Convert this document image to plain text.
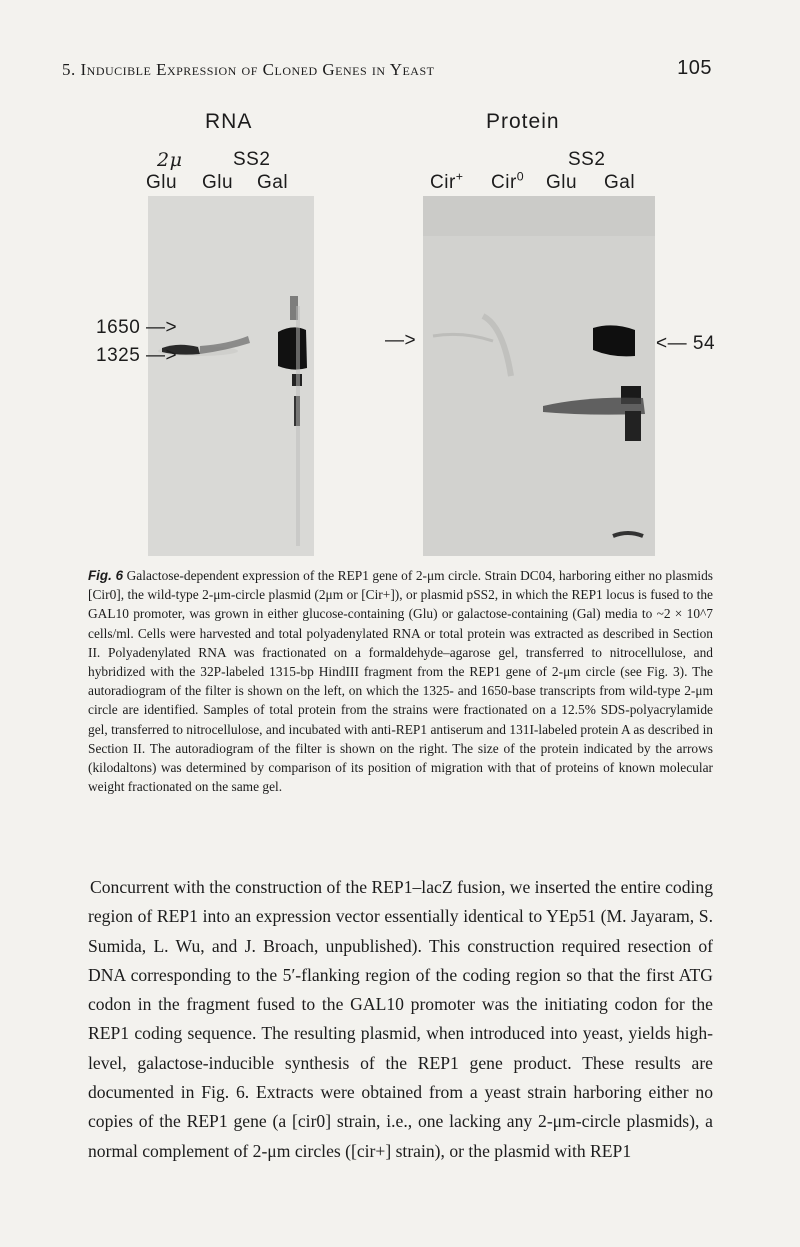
5. Inducible Expression of Cloned Genes in Yeast	105
RNA
2μ	SS2
Glu Glu Gal
1650 —>
1325 —>
Protein
Cir+ Cir$^0$
SS2
Glu Gal
—>	<— 54
Fig. 6 Galactose-dependent expression of the REP1 gene of 2-μm circle. Strain DC04, harboring either no plasmids [Cir0], the wild-type 2-μm-circle plasmid (2μm or [Cir+]), or plasmid pSS2, in which the REP1 locus is fused to the GAL10 promoter, was grown in either glucose-containing (Glu) or galactose-containing (Gal) media to ~2 × 10^7 cells/ml. Cells were harvested and total polyadenylated RNA or total protein was extracted as described in Section II. Polyadenylated RNA was fractionated on a formaldehyde–agarose gel, transferred to nitrocellulose, and hybridized with the 32P-labeled 1315-bp HindIII fragment from the REP1 gene of 2-μm circle (see Fig. 3). The autoradiogram of the filter is shown on the left, on which the 1325- and 1650-base transcripts from wild-type 2-μm circle are identified. Samples of total protein from the strains were fractionated on a 12.5% SDS-polyacrylamide gel, transferred to nitrocellulose, and incubated with anti-REP1 antiserum and 131I-labeled protein A as described in Section II. The autoradiogram of the filter is shown on the right. The size of the protein indicated by the arrows (kilodaltons) was determined by comparison of its position of migration with that of proteins of known molecular weight fractionated on the same gel.

Concurrent with the construction of the REP1–lacZ fusion, we inserted the entire coding region of REP1 into an expression vector essentially identical to YEp51 (M. Jayaram, S. Sumida, L. Wu, and J. Broach, unpublished). This construction required resection of DNA corresponding to the 5′-flanking region of the coding region so that the first ATG codon in the fragment fused to the GAL10 promoter was the initiating codon for the REP1 coding sequence. The resulting plasmid, when introduced into yeast, yields high-level, galactose-inducible synthesis of the REP1 gene product. These results are documented in Fig. 6. Extracts were obtained from a yeast strain harboring either no copies of the REP1 gene (a [cir0] strain, i.e., one lacking any 2-μm-circle plasmids), a normal complement of 2-μm circles ([cir+] strain), or the plasmid with REP1
